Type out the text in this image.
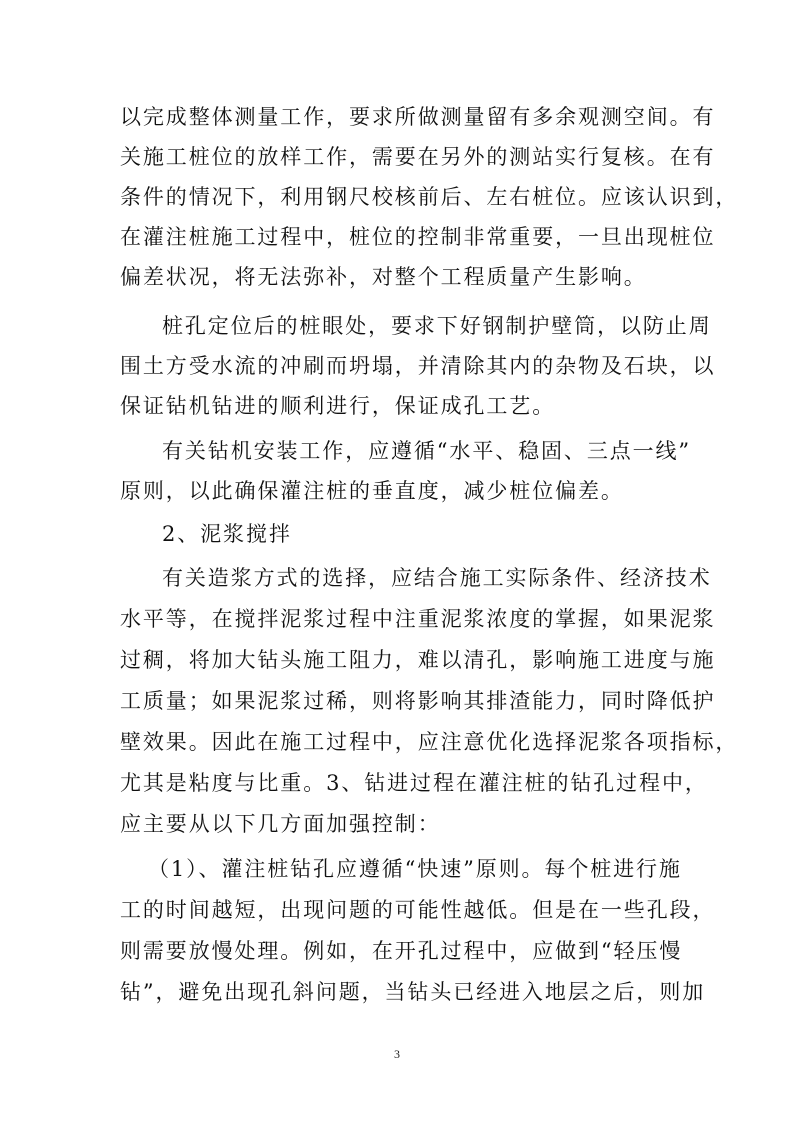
以完成整体测量工作，要求所做测量留有多余观测空间。有
关施工桩位的放样工作，需要在另外的测站实行复核。在有
条件的情况下，利用钢尺校核前后、左右桩位。应该认识到，
在灌注桩施工过程中，桩位的控制非常重要，一旦出现桩位
偏差状况，将无法弥补，对整个工程质量产生影响。
桩孔定位后的桩眼处，要求下好钢制护壁筒，以防止周
围土方受水流的冲刷而坍塌，并清除其内的杂物及石块，以
保证钻机钻进的顺利进行，保证成孔工艺。
有关钻机安装工作，应遵循“水平、稳固、三点一线”
原则，以此确保灌注桩的垂直度，减少桩位偏差。
2、泥浆搅拌
有关造浆方式的选择，应结合施工实际条件、经济技术
水平等，在搅拌泥浆过程中注重泥浆浓度的掌握，如果泥浆
过稠，将加大钻头施工阻力，难以清孔，影响施工进度与施
工质量；如果泥浆过稀，则将影响其排渣能力，同时降低护
壁效果。因此在施工过程中，应注意优化选择泥浆各项指标，
尤其是粘度与比重。3、钻进过程在灌注桩的钻孔过程中，
应主要从以下几方面加强控制：
（1）、灌注桩钻孔应遵循“快速”原则。每个桩进行施
工的时间越短，出现问题的可能性越低。但是在一些孔段，
则需要放慢处理。例如，在开孔过程中，应做到“轻压慢
钻”，避免出现孔斜问题，当钻头已经进入地层之后，则加
3
